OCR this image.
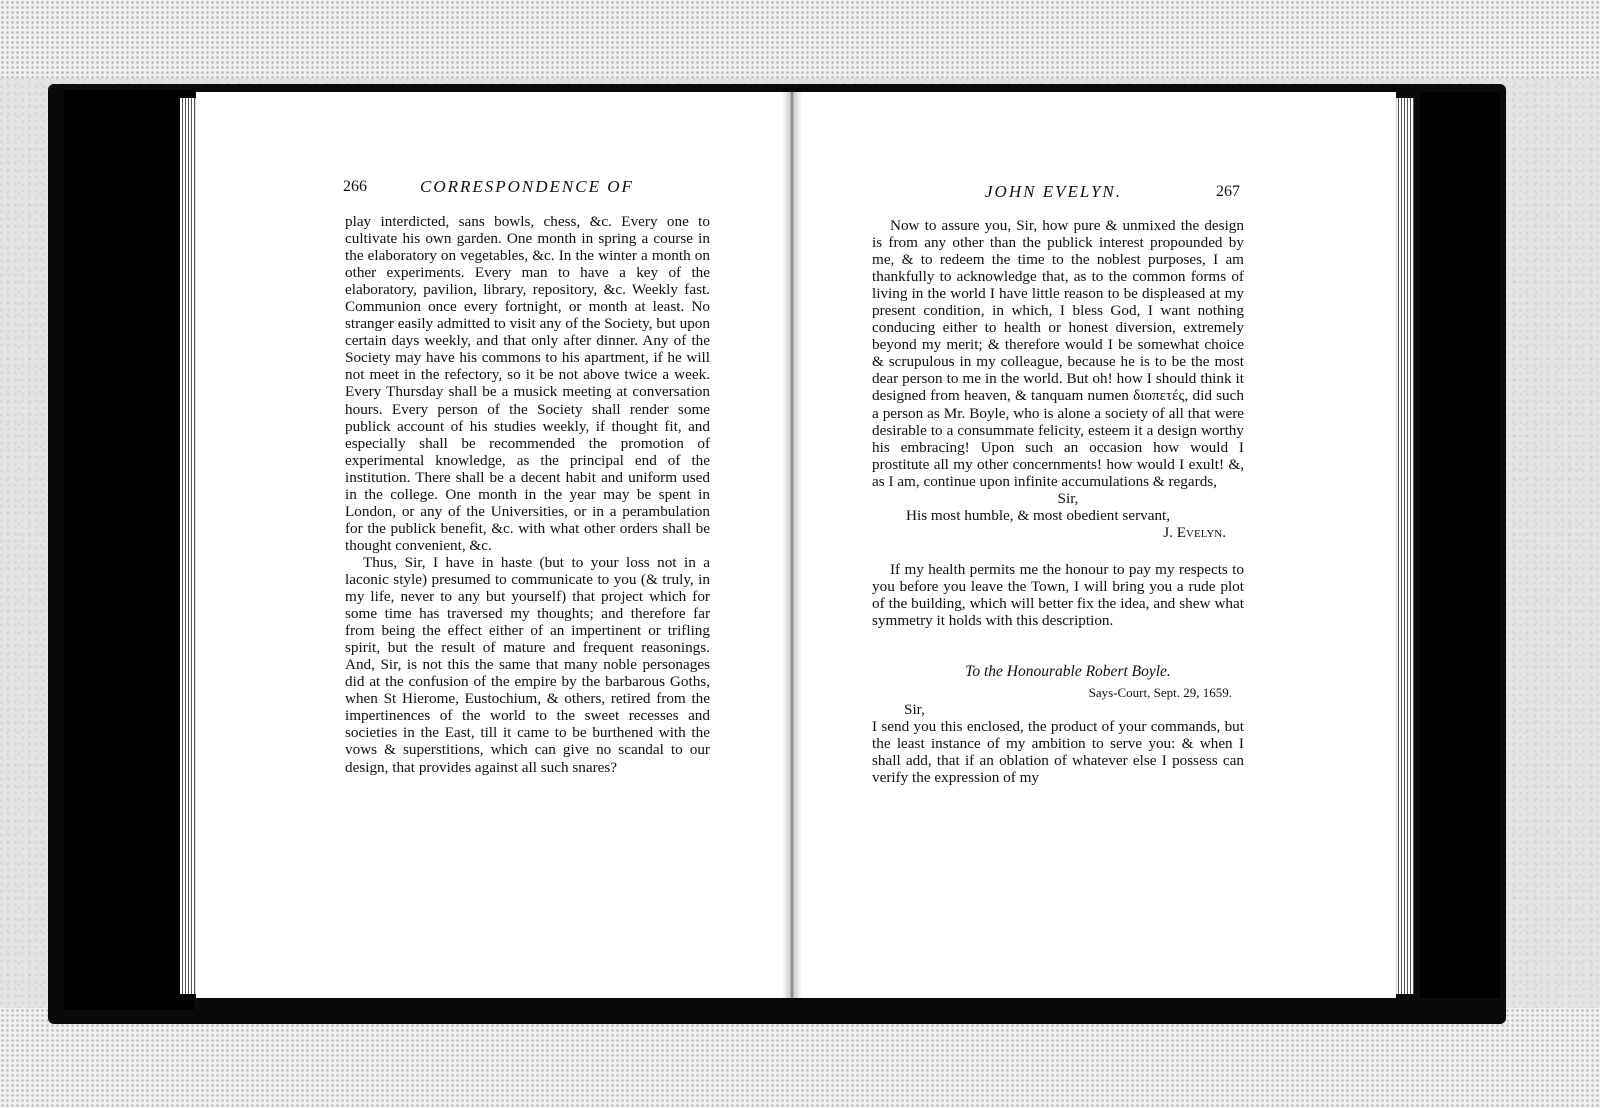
266	CORRESPONDENCE OF

play interdicted, sans bowls, chess, &c. Every one to cultivate his own garden. One month in spring a course in the elaboratory on vegetables, &c. In the winter a month on other experiments. Every man to have a key of the elaboratory, pavilion, library, repository, &c. Weekly fast. Communion once every fortnight, or month at least. No stranger easily admitted to visit any of the Society, but upon certain days weekly, and that only after dinner. Any of the Society may have his commons to his apartment, if he will not meet in the refectory, so it be not above twice a week. Every Thursday shall be a musick meeting at conversation hours. Every person of the Society shall render some publick account of his studies weekly, if thought fit, and especially shall be recommended the promotion of experimental knowledge, as the principal end of the institution. There shall be a decent habit and uniform used in the college. One month in the year may be spent in London, or any of the Universities, or in a perambulation for the publick benefit, &c. with what other orders shall be thought convenient, &c.

Thus, Sir, I have in haste (but to your loss not in a laconic style) presumed to communicate to you (& truly, in my life, never to any but yourself) that project which for some time has traversed my thoughts; and therefore far from being the effect either of an impertinent or trifling spirit, but the result of mature and frequent reasonings. And, Sir, is not this the same that many noble personages did at the confusion of the empire by the barbarous Goths, when St Hierome, Eustochium, & others, retired from the impertinences of the world to the sweet recesses and societies in the East, till it came to be burthened with the vows & superstitions, which can give no scandal to our design, that provides against all such snares?

JOHN EVELYN.	267

Now to assure you, Sir, how pure & unmixed the design is from any other than the publick interest propounded by me, & to redeem the time to the noblest purposes, I am thankfully to acknowledge that, as to the common forms of living in the world I have little reason to be displeased at my present condition, in which, I bless God, I want nothing conducing either to health or honest diversion, extremely beyond my merit; & therefore would I be somewhat choice & scrupulous in my colleague, because he is to be the most dear person to me in the world. But oh! how I should think it designed from heaven, & tanquam numen διοπετές, did such a person as Mr. Boyle, who is alone a society of all that were desirable to a consummate felicity, esteem it a design worthy his embracing! Upon such an occasion how would I prostitute all my other concernments! how would I exult! &, as I am, continue upon infinite accumulations & regards,

Sir,

His most humble, & most obedient servant,

J. Evelyn.

If my health permits me the honour to pay my respects to you before you leave the Town, I will bring you a rude plot of the building, which will better fix the idea, and shew what symmetry it holds with this description.

To the Honourable Robert Boyle.

Says-Court, Sept. 29, 1659.

Sir,

I send you this enclosed, the product of your commands, but the least instance of my ambition to serve you: & when I shall add, that if an oblation of whatever else I possess can verify the expression of my
